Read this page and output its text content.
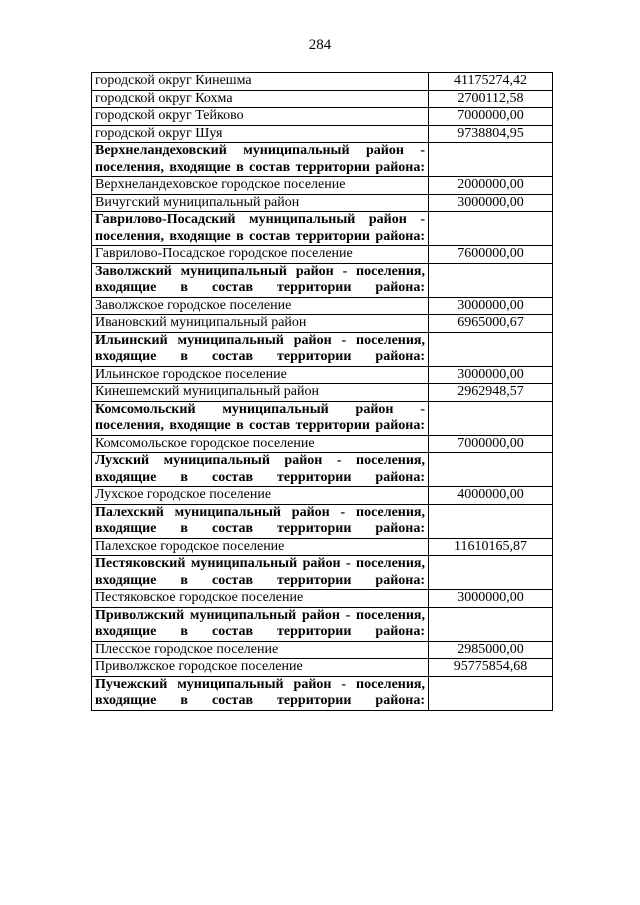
284
городской округ Кинешма	41175274,42
городской округ Кохма	2700112,58
городской округ Тейково	7000000,00
городской округ Шуя	9738804,95
Верхнеландеховский муниципальный район - поселения, входящие в состав территории района:	
Верхнеландеховское городское поселение	2000000,00
Вичугский муниципальный район	3000000,00
Гаврилово-Посадский муниципальный район - поселения, входящие в состав территории района:	
Гаврилово-Посадское городское поселение	7600000,00
Заволжский муниципальный район - поселения, входящие в состав территории района:	
Заволжское городское поселение	3000000,00
Ивановский муниципальный район	6965000,67
Ильинский муниципальный район - поселения, входящие в состав территории района:	
Ильинское городское поселение	3000000,00
Кинешемский муниципальный район	2962948,57
Комсомольский муниципальный район - поселения, входящие в состав территории района:	
Комсомольское городское поселение	7000000,00
Лухский муниципальный район - поселения, входящие в состав территории района:	
Лухское городское поселение	4000000,00
Палехский муниципальный район - поселения, входящие в состав территории района:	
Палехское городское поселение	11610165,87
Пестяковский муниципальный район - поселения, входящие в состав территории района:	
Пестяковское городское поселение	3000000,00
Приволжский муниципальный район - поселения, входящие в состав территории района:	
Плесское городское поселение	2985000,00
Приволжское городское поселение	95775854,68
Пучежский муниципальный район - поселения, входящие в состав территории района:	
